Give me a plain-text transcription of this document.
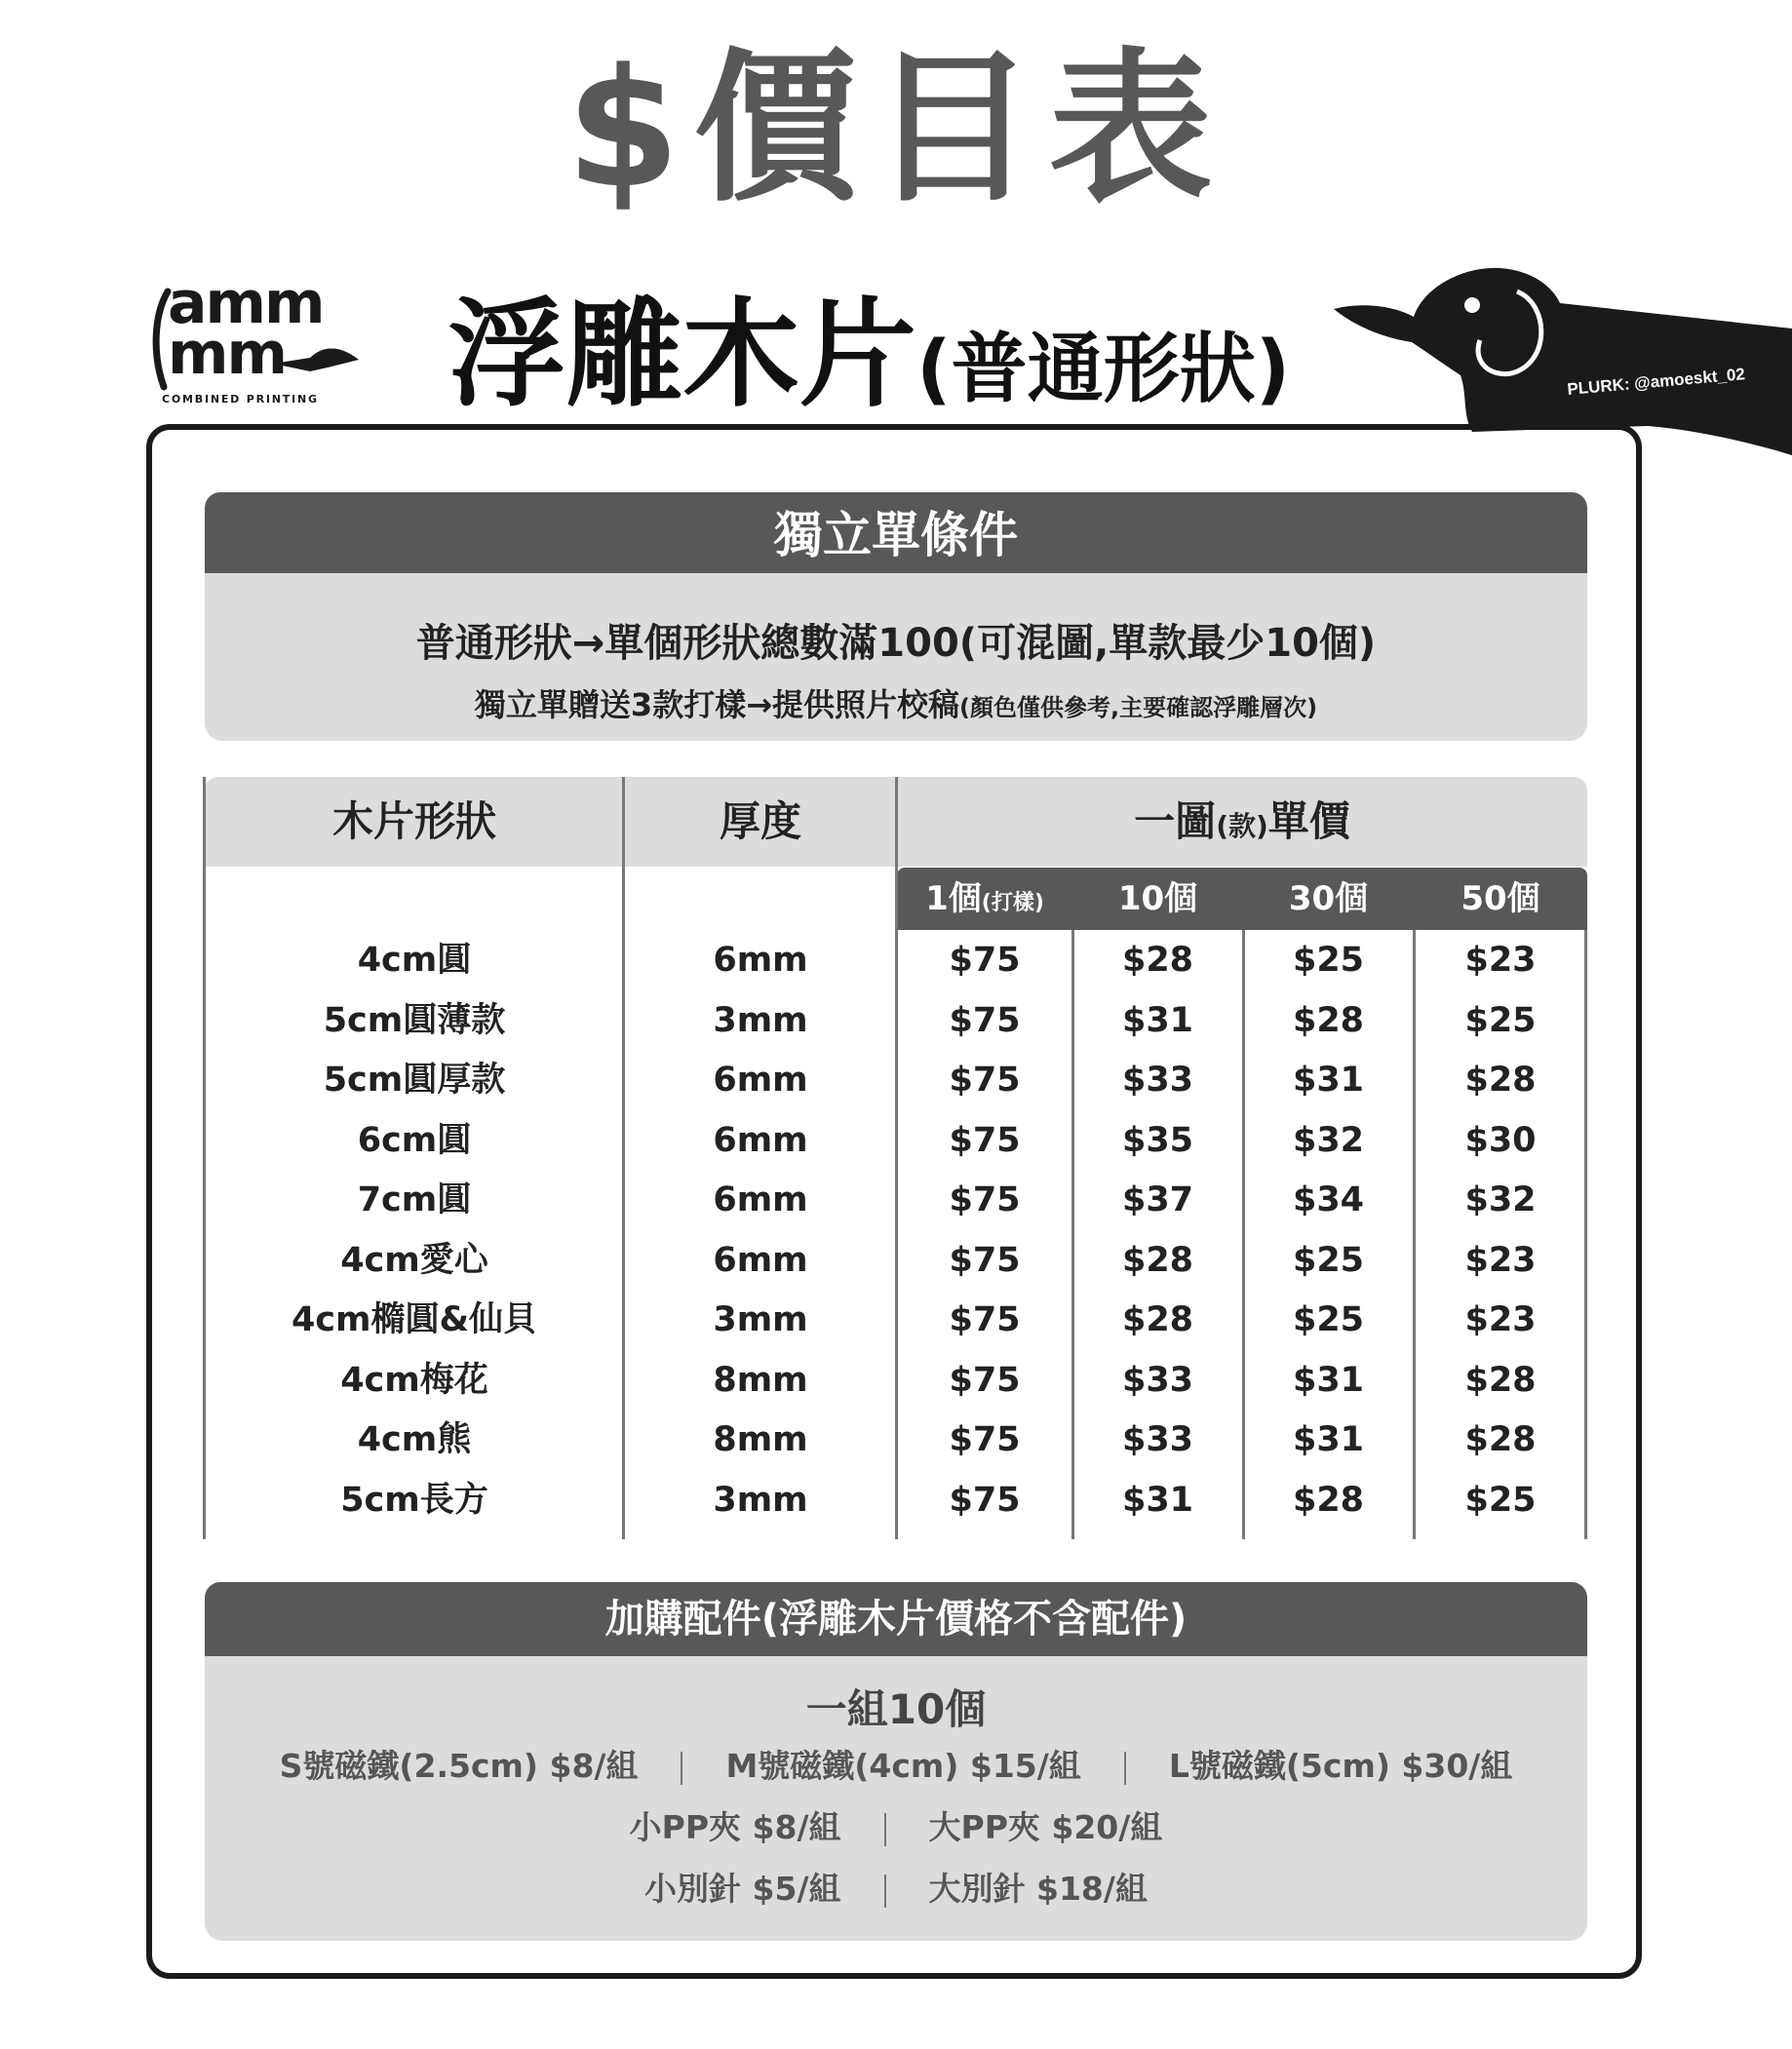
$價目表
amm
mm
COMBINED PRINTING 浮雕木片(普通形狀)	PLURK: @amoeskt_02
獨立單條件
普通形狀→單個形狀總數滿100(可混圖,單款最少10個)
獨立單贈送3款打樣→提供照片校稿(顏色僅供參考,主要確認浮雕層次)
木片形狀	厚度	一圖(款)單價
1個(打樣)	10個	30個	50個
4cm圓	6mm	$75	$28	$25	$23
5cm圓薄款	3mm	$75	$31	$28	$25
5cm圓厚款	6mm	$75	$33	$31	$28
6cm圓	6mm	$75	$35	$32	$30
7cm圓	6mm	$75	$37	$34	$32
4cm愛心	6mm	$75	$28	$25	$23
4cm橢圓&仙貝	3mm	$75	$28	$25	$23
4cm梅花	8mm	$75	$33	$31	$28
4cm熊	8mm	$75	$33	$31	$28
5cm長方	3mm	$75	$31	$28	$25
加購配件(浮雕木片價格不含配件)
一組10個
S號磁鐵(2.5cm) $8/組	M號磁鐵(4cm) $15/組	L號磁鐵(5cm) $30/組
小PP夾 $8/組	大PP夾 $20/組
小別針 $5/組	大別針 $18/組
